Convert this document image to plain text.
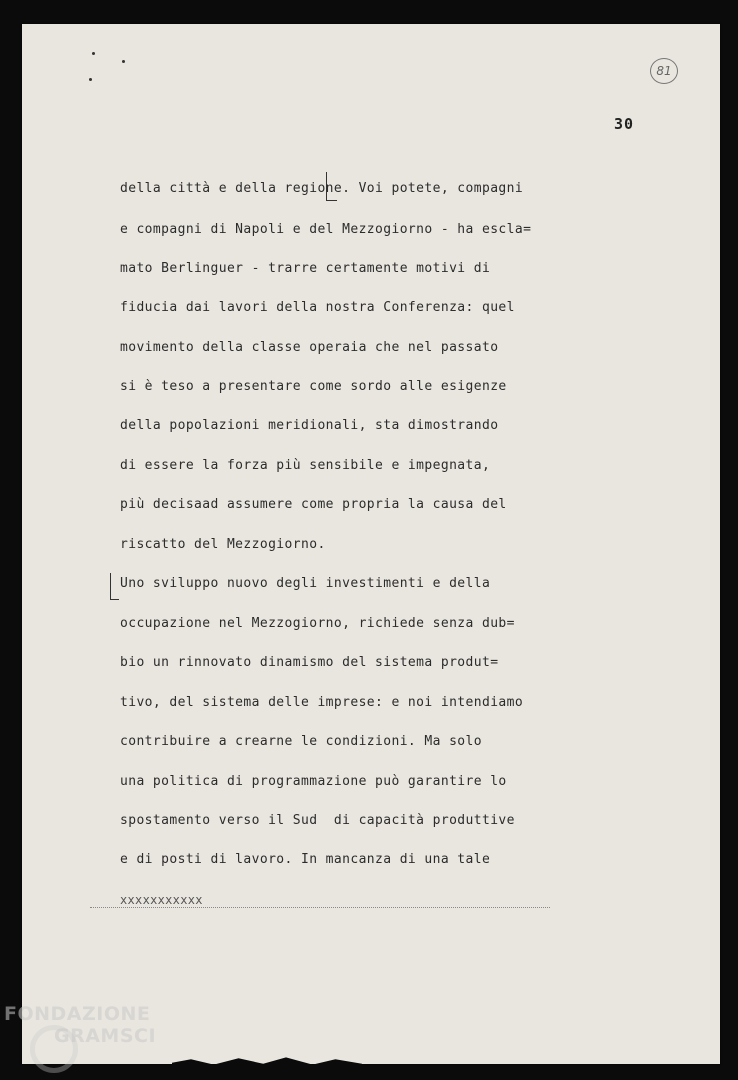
81
30
della città e della regione. Voi potete, compagni
e compagni di Napoli e del Mezzogiorno - ha escla=
mato Berlinguer - trarre certamente motivi di
fiducia dai lavori della nostra Conferenza: quel
movimento della classe operaia che nel passato
si è teso a presentare come sordo alle esigenze
della popolazioni meridionali, sta dimostrando
di essere la forza più sensibile e impegnata,
più decisaad assumere come propria la causa del
riscatto del Mezzogiorno.
Uno sviluppo nuovo degli investimenti e della
occupazione nel Mezzogiorno, richiede senza dub=
bio un rinnovato dinamismo del sistema produt=
tivo, del sistema delle imprese: e noi intendiamo
contribuire a crearne le condizioni. Ma solo
una politica di programmazione può garantire lo
spostamento verso il Sud  di capacità produttive
e di posti di lavoro. In mancanza di una tale
xxxxxxxxxxx
FONDAZIONE
GRAMSCI
